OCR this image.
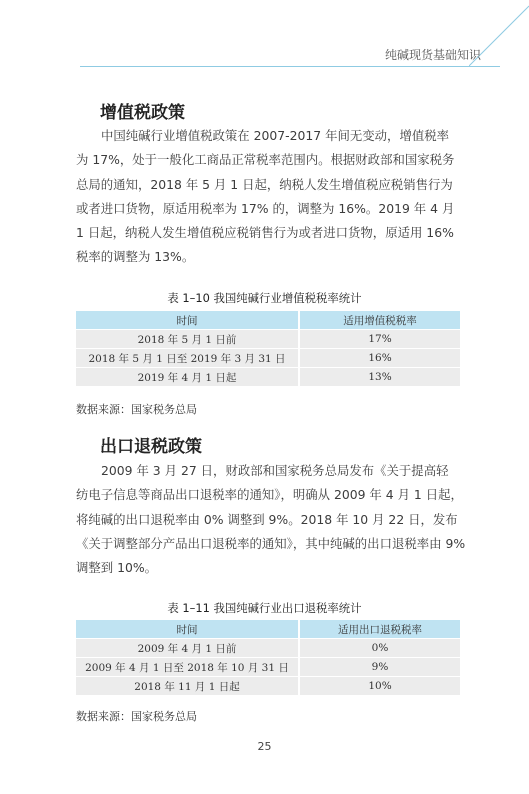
纯碱现货基础知识
增值税政策
中国纯碱行业增值税政策在 2007-2017 年间无变动，增值税率
为 17%，处于一般化工商品正常税率范围内。根据财政部和国家税务
总局的通知，2018 年 5 月 1 日起，纳税人发生增值税应税销售行为
或者进口货物，原适用税率为 17% 的，调整为 16%。2019 年 4 月
1 日起，纳税人发生增值税应税销售行为或者进口货物，原适用 16%
税率的调整为 13%。
表 1–10 我国纯碱行业增值税税率统计
时间	适用增值税税率
2018 年 5 月 1 日前	17%
2018 年 5 月 1 日至 2019 年 3 月 31 日	16%
2019 年 4 月 1 日起	13%
数据来源：国家税务总局
出口退税政策
2009 年 3 月 27 日，财政部和国家税务总局发布《关于提高轻
纺电子信息等商品出口退税率的通知》，明确从 2009 年 4 月 1 日起，
将纯碱的出口退税率由 0% 调整到 9%。2018 年 10 月 22 日，发布
《关于调整部分产品出口退税率的通知》，其中纯碱的出口退税率由 9%
调整到 10%。
表 1–11 我国纯碱行业出口退税率统计
时间	适用出口退税税率
2009 年 4 月 1 日前	0%
2009 年 4 月 1 日至 2018 年 10 月 31 日	9%
2018 年 11 月 1 日起	10%
数据来源：国家税务总局
25
